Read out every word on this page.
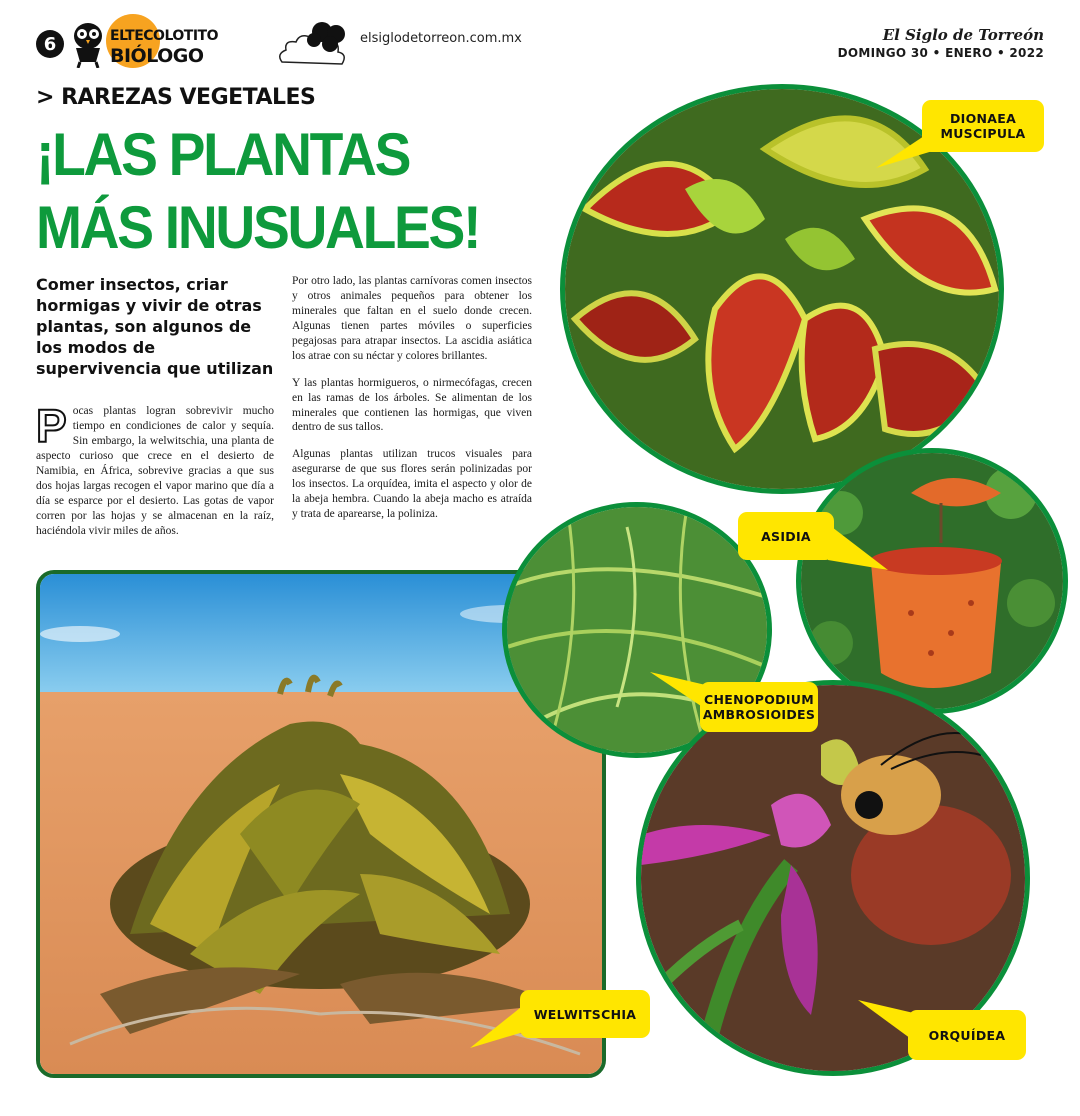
6	ELTECOLOTITO
BIÓLOGO
elsiglodetorreon.com.mx	El Siglo de Torreón
DOMINGO 30 • ENERO • 2022
> RAREZAS VEGETALES
¡LAS PLANTAS
MÁS INUSUALES!
Comer insectos, criar hormigas y vivir de otras plantas, son algunos de los modos de supervivencia que utilizan

Pocas plantas logran sobrevivir mucho tiempo en condiciones de calor y sequía. Sin embargo, la welwitschia, una planta de aspecto curioso que crece en el desierto de Namibia, en África, sobrevive gracias a que sus dos hojas largas recogen el vapor marino que día a día se esparce por el desierto. Las gotas de vapor corren por las hojas y se almacenan en la raíz, haciéndola vivir miles de años.

Por otro lado, las plantas carnívoras comen insectos y otros animales pequeños para obtener los minerales que faltan en el suelo donde crecen. Algunas tienen partes móviles o superficies pegajosas para atrapar insectos. La ascidia asiática los atrae con su néctar y colores brillantes.

Y las plantas hormigueros, o nirmecófagas, crecen en las ramas de los árboles. Se alimentan de los minerales que contienen las hormigas, que viven dentro de sus tallos.

Algunas plantas utilizan trucos visuales para asegurarse de que sus flores serán polinizadas por los insectos. La orquídea, imita el aspecto y olor de la abeja hembra. Cuando la abeja macho es atraída y trata de aparearse, la poliniza.

DIONAEA
MUSCIPULA
ASIDIA
CHENOPODIUM
AMBROSIOIDES
WELWITSCHIA
ORQUÍDEA
